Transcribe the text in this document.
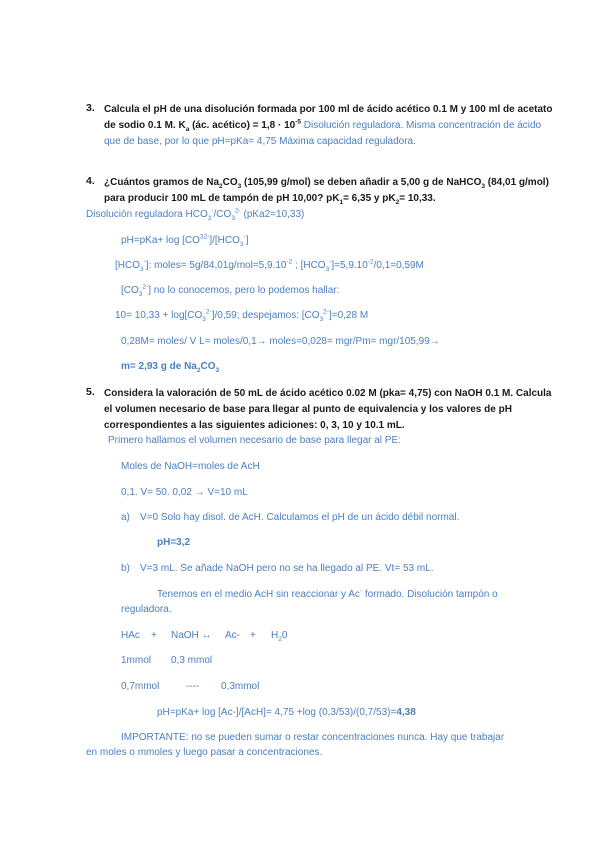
3. Calcula el pH de una disolución formada por 100 ml de ácido acético 0.1 M y 100 ml de acetato
de sodio 0.1 M. $K_a$ (ác. acético) = $1,8 \cdot 10^{-5}$ Disolución reguladora. Misma concentración de ácido
que de base, por lo que pH=pKa= 4,75 Máxima capacidad reguladora.
4. ¿Cuántos gramos de $Na_2CO_3$ (105,99 g/mol) se deben añadir a 5,00 g de NaHCO$_3$ (84,01 g/mol)
para producir 100 mL de tampón de pH 10,00? $pK_1= 6,35$ y $pK_2= 10,33$.
Disolución reguladora $HCO_3^-/CO_3^{2-}$ (pKa2=10,33)
$pH=pKa+ \log [CO^{32-}]/[HCO_3^-]$
$[HCO_3^-]$: moles= $5g/84,01g/mol=5,9.10^{-2}$ ; $[HCO_3^-]=5,9.10^{-2}/0,1=0,59M$
$[CO_3^{2-}]$ no lo conocemos, pero lo podemos hallar:
$10= 10,33 + \log[CO_3^{2-}]/0,59$; despejamos: $[CO_3^{2-}]=0,28$ M
0,28M= moles/ V L= moles/0,1→ moles=0,028= mgr/Pm= mgr/105,99→
m= 2,93 g de $Na_2CO_3$
5. Considera la valoración de 50 mL de ácido acético 0.02 M (pka= 4,75) con NaOH 0.1 M. Calcula
el volumen necesario de base para llegar al punto de equivalencia y los valores de pH
correspondientes a las siguientes adiciones: 0, 3, 10 y 10.1 mL.
Primero hallamos el volumen necesario de base para llegar al PE:
Moles de NaOH=moles de AcH
0,1. V= 50. 0,02 → V=10 mL
a) V=0 Solo hay disol. de AcH. Calculamos el pH de un ácido débil normal.
pH=3,2
b) V=3 mL. Se añade NaOH pero no se ha llegado al PE. Vt= 53 mL.
Tenemos en el medio AcH sin reaccionar y Ac- formado. Disolución tampón o
reguladora.
HAc + NaOH ↔ $Ac- + H_20$
1mmol 0,3 mmol
0,7mmol	---- 0,3mmol
pH=pKa+ log [Ac-]/[AcH]= 4,75 +log (0,3/53)/(0,7/53)=4,38
IMPORTANTE: no se pueden sumar o restar concentraciones nunca. Hay que trabajar
en moles o mmoles y luego pasar a concentraciones.
